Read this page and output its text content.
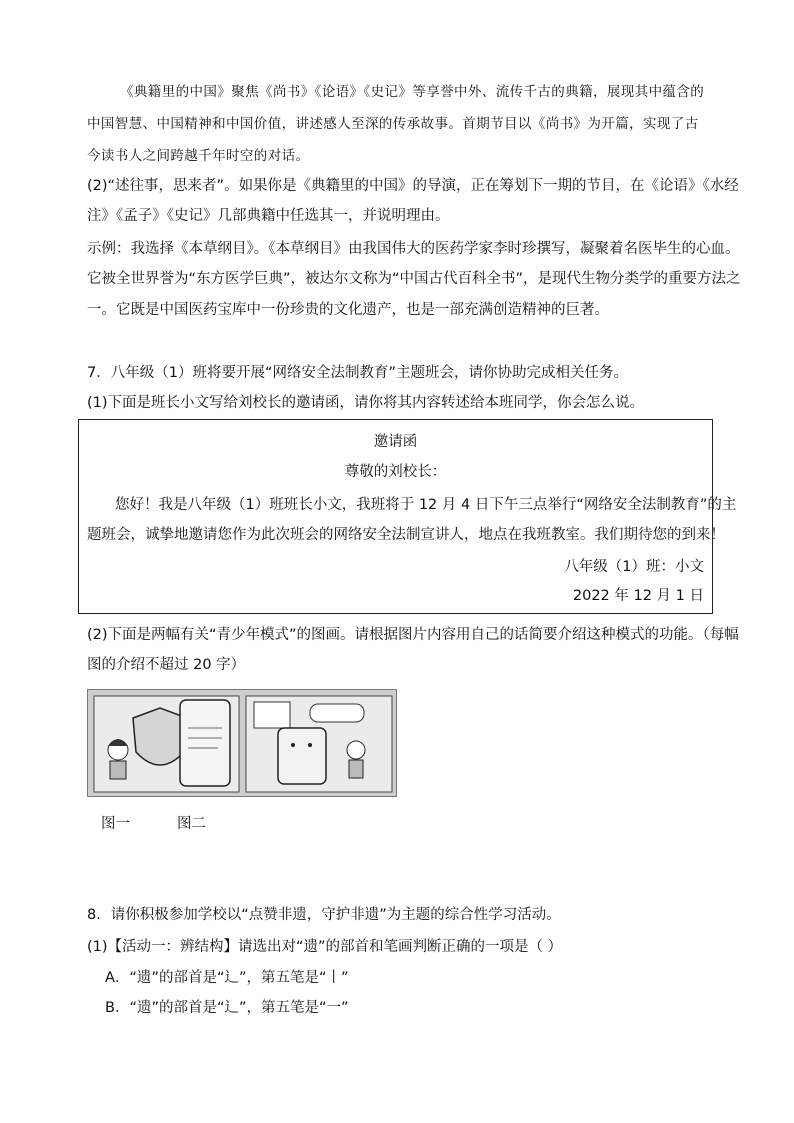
《典籍里的中国》聚焦《尚书》《论语》《史记》等享誉中外、流传千古的典籍，展现其中蕴含的
中国智慧、中国精神和中国价值，讲述感人至深的传承故事。首期节目以《尚书》为开篇，实现了古
今读书人之间跨越千年时空的对话。
(2)“述往事，思来者”。如果你是《典籍里的中国》的导演，正在筹划下一期的节目，在《论语》《水经
注》《孟子》《史记》几部典籍中任选其一，并说明理由。
示例：我选择《本草纲目》。《本草纲目》由我国伟大的医药学家李时珍撰写，凝聚着名医毕生的心血。
它被全世界誉为“东方医学巨典”，被达尔文称为“中国古代百科全书”，是现代生物分类学的重要方法之
一。它既是中国医药宝库中一份珍贵的文化遗产，也是一部充满创造精神的巨著。
7．八年级（1）班将要开展“网络安全法制教育”主题班会，请你协助完成相关任务。
(1)下面是班长小文写给刘校长的邀请函，请你将其内容转述给本班同学，你会怎么说。
邀请函
尊敬的刘校长：
您好！我是八年级（1）班班长小文，我班将于 12 月 4 日下午三点举行“网络安全法制教育”的主
题班会，诚挚地邀请您作为此次班会的网络安全法制宣讲人，地点在我班教室。我们期待您的到来！
八年级（1）班：小文
2022 年 12 月 1 日
(2)下面是两幅有关“青少年模式”的图画。请根据图片内容用自己的话简要介绍这种模式的功能。（每幅
图的介绍不超过 20 字）
图一	图二
8．请你积极参加学校以“点赞非遗，守护非遗”为主题的综合性学习活动。
(1)【活动一：辨结构】请选出对“遗”的部首和笔画判断正确的一项是（ ）
A．“遗”的部首是“辶”，第五笔是“丨”
B．“遗”的部首是“辶”，第五笔是“一”
